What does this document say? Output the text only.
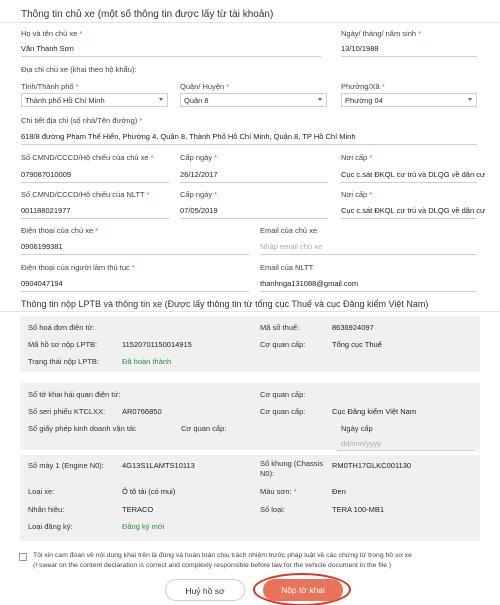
Thông tin chủ xe (một số thông tin được lấy từ tài khoản)
Họ và tên chủ xe *
Văn Thanh Sơn
Ngày/ tháng/ năm sinh *
13/10/1988
Địa chỉ chủ xe (khai theo hộ khẩu):
Tỉnh/Thành phố *
Thành phố Hồ Chí Minh
Quận/ Huyện *
Quận 8
Phường/Xã *
Phường 04
Chi tiết địa chỉ (số nhà/Tên đường) *
618/8 đường Phạm Thế Hiển, Phường 4, Quận 8, Thành Phố Hồ Chí Minh, Quận 8, TP Hồ Chí Minh
Số CMND/CCCD/Hộ chiếu của chủ xe *
079087010009
Cấp ngày *
26/12/2017
Nơi cấp *
Cục c.sát ĐKQL cư trú và DLQG về dân cư
Số CMND/CCCD/Hộ chiếu của NLTT *
001188021977
Cấp ngày *
07/05/2019
Nơi cấp *
Cục c.sát ĐKQL cư trú và DLQG về dân cư
Điện thoại của chủ xe *
0906199381
Email của chủ xe
Nhập email chủ xe
Điện thoại của người làm thủ tục *
0904047194
Email của NLTT
thanhnga131088@gmail.com
Thông tin nộp LPTB và thông tin xe (Được lấy thông tin từ tổng cục Thuế và cục Đăng kiểm Việt Nam)
Số hoá đơn điện tử:	Mã số thuế:	8636924097
Mã hồ sơ nộp LPTB:	11520701150014915	Cơ quan cấp:	Tổng cục Thuế
Trạng thái nộp LPTB:	Đã hoàn thành
Số tờ khai hải quan điện tử:	Cơ quan cấp:
Số seri phiếu KTCLXX: AR0766850	Cơ quan cấp:	Cục Đăng kiểm Việt Nam
Số giấy phép kinh doanh vận tải:	Cơ quan cấp:	Ngày cấp
dd/mm/yyyy
Số máy 1 (Engine N0): 4G13S1LAMTS10113	Số khung (Chassis N0):
RM0TH17GLKC001130
Loại xe:	Ô tô tải (có mui)	Màu sơn: *	Đen
Nhãn hiệu:	TERACO	Số loại:	TERA 100-MB1
Loại đăng ký:	Đăng ký mới
Tôi xin cam đoan về nội dung khai trên là đúng và hoàn toàn chịu trách nhiệm trước pháp luật về các chứng từ trong hồ sơ xe
(I swear on the content declaration is correct and complexly responsible before law for the vehicle document in the file )
Huỷ hồ sơ	Nộp tờ khai
